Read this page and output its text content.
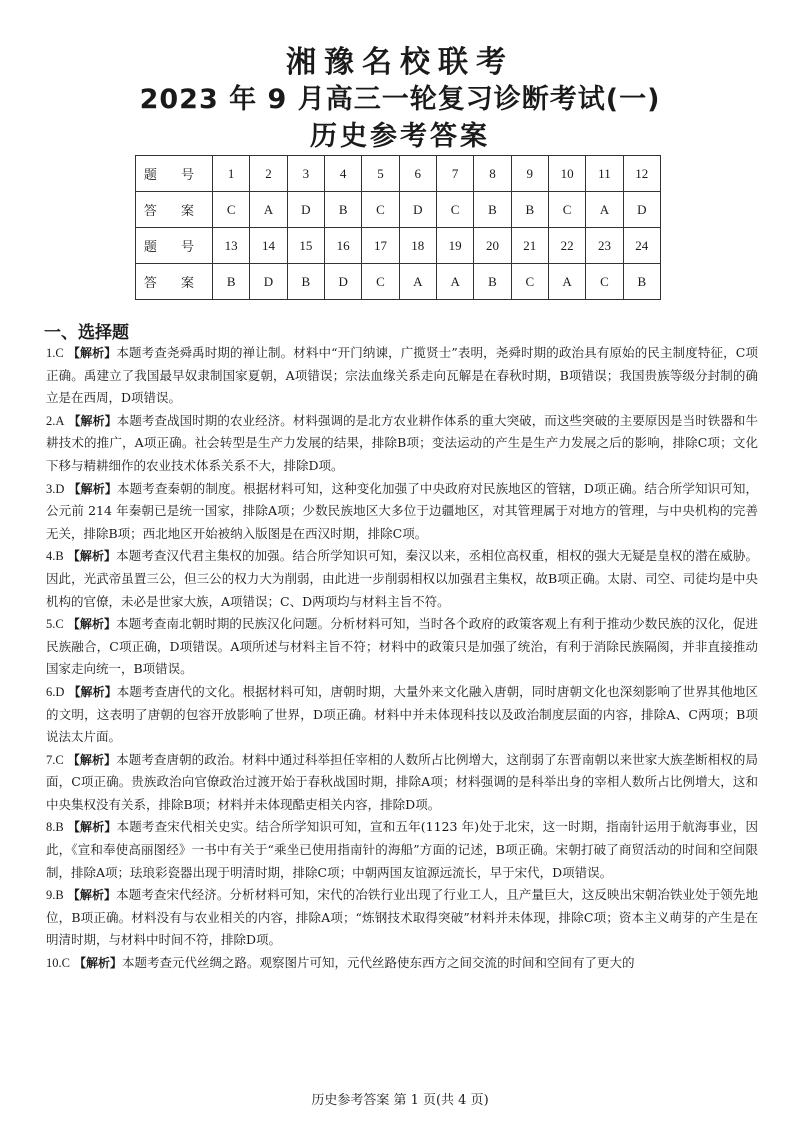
湘豫名校联考
2023 年 9 月高三一轮复习诊断考试(一)
历史参考答案
题 号	1	2	3	4	5	6	7	8	9	10	11	12
答 案	C	A	D	B	C	D	C	B	B	C	A	D
题 号	13	14	15	16	17	18	19	20	21	22	23	24
答 案	B	D	B	D	C	A	A	B	C	A	C	B
一、选择题
1.C 【解析】本题考查尧舜禹时期的禅让制。材料中“开门纳谏，广揽贤士”表明，尧舜时期的政治具有原始的民主制度特征，C项正确。禹建立了我国最早奴隶制国家夏朝，A项错误；宗法血缘关系走向瓦解是在春秋时期，B项错误；我国贵族等级分封制的确立是在西周，D项错误。
2.A 【解析】本题考查战国时期的农业经济。材料强调的是北方农业耕作体系的重大突破，而这些突破的主要原因是当时铁器和牛耕技术的推广，A项正确。社会转型是生产力发展的结果，排除B项；变法运动的产生是生产力发展之后的影响，排除C项；文化下移与精耕细作的农业技术体系关系不大，排除D项。
3.D 【解析】本题考查秦朝的制度。根据材料可知，这种变化加强了中央政府对民族地区的管辖，D项正确。结合所学知识可知，公元前 214 年秦朝已是统一国家，排除A项；少数民族地区大多位于边疆地区，对其管理属于对地方的管理，与中央机构的完善无关，排除B项；西北地区开始被纳入版图是在西汉时期，排除C项。
4.B 【解析】本题考查汉代君主集权的加强。结合所学知识可知，秦汉以来，丞相位高权重，相权的强大无疑是皇权的潜在威胁。因此，光武帝虽置三公，但三公的权力大为削弱，由此进一步削弱相权以加强君主集权，故B项正确。太尉、司空、司徒均是中央机构的官僚，未必是世家大族，A项错误；C、D两项均与材料主旨不符。
5.C 【解析】本题考查南北朝时期的民族汉化问题。分析材料可知，当时各个政府的政策客观上有利于推动少数民族的汉化，促进民族融合，C项正确，D项错误。A项所述与材料主旨不符；材料中的政策只是加强了统治，有利于消除民族隔阂，并非直接推动国家走向统一，B项错误。
6.D 【解析】本题考查唐代的文化。根据材料可知，唐朝时期，大量外来文化融入唐朝，同时唐朝文化也深刻影响了世界其他地区的文明，这表明了唐朝的包容开放影响了世界，D项正确。材料中并未体现科技以及政治制度层面的内容，排除A、C两项；B项说法太片面。
7.C 【解析】本题考查唐朝的政治。材料中通过科举担任宰相的人数所占比例增大，这削弱了东晋南朝以来世家大族垄断相权的局面，C项正确。贵族政治向官僚政治过渡开始于春秋战国时期，排除A项；材料强调的是科举出身的宰相人数所占比例增大，这和中央集权没有关系，排除B项；材料并未体现酷吏相关内容，排除D项。
8.B 【解析】本题考查宋代相关史实。结合所学知识可知，宣和五年(1123 年)处于北宋，这一时期，指南针运用于航海事业，因此，《宣和奉使高丽图经》一书中有关于“乘坐已使用指南针的海船”方面的记述，B项正确。宋朝打破了商贸活动的时间和空间限制，排除A项；珐琅彩瓷器出现于明清时期，排除C项；中朝两国友谊源远流长，早于宋代，D项错误。
9.B 【解析】本题考查宋代经济。分析材料可知，宋代的冶铁行业出现了行业工人，且产量巨大，这反映出宋朝冶铁业处于领先地位，B项正确。材料没有与农业相关的内容，排除A项；“炼钢技术取得突破”材料并未体现，排除C项；资本主义萌芽的产生是在明清时期，与材料中时间不符，排除D项。
10.C 【解析】本题考查元代丝绸之路。观察图片可知，元代丝路使东西方之间交流的时间和空间有了更大的
历史参考答案 第 1 页(共 4 页)
